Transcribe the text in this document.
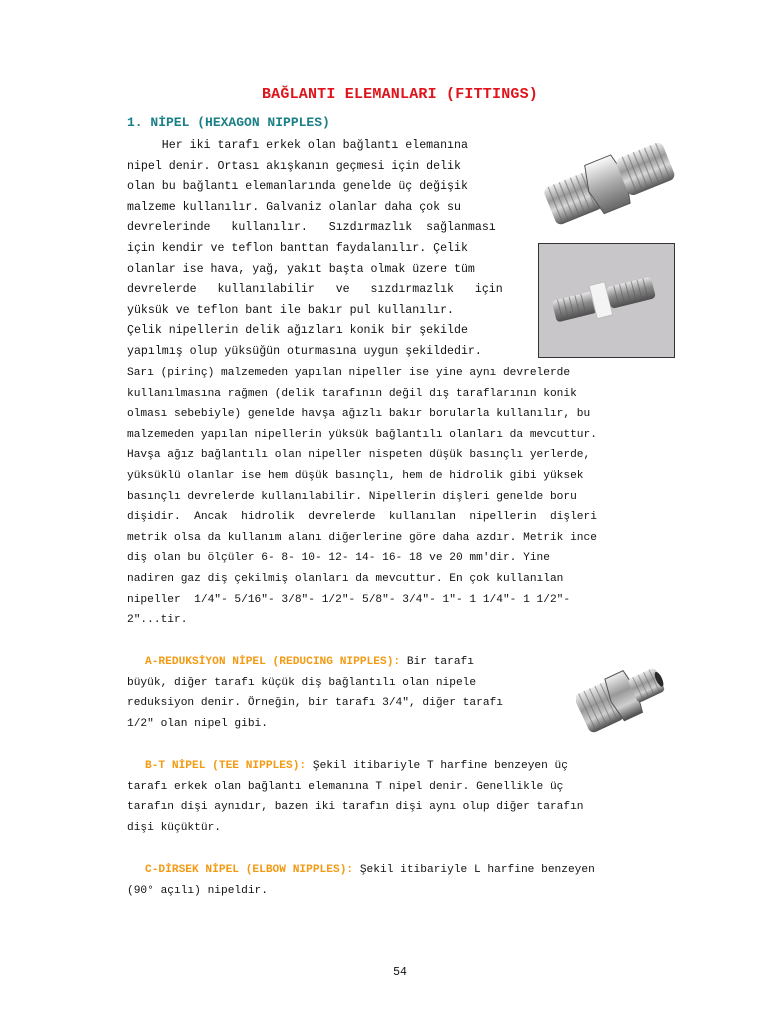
BAĞLANTI ELEMANLARI (FITTINGS)
1. NİPEL (HEXAGON NIPPLES)
Her iki tarafı erkek olan bağlantı elemanına
nipel denir. Ortası akışkanın geçmesi için delik
olan bu bağlantı elemanlarında genelde üç değişik
malzeme kullanılır. Galvaniz olanlar daha çok su
devrelerinde   kullanılır.   Sızdırmazlık  sağlanması
için kendir ve teflon banttan faydalanılır. Çelik
olanlar ise hava, yağ, yakıt başta olmak üzere tüm
devrelerde   kullanılabilir   ve   sızdırmazlık   için
yüksük ve teflon bant ile bakır pul kullanılır.
Çelik nipellerin delik ağızları konik bir şekilde
yapılmış olup yüksüğün oturmasına uygun şekildedir.
Sarı (pirinç) malzemeden yapılan nipeller ise yine aynı devrelerde
kullanılmasına rağmen (delik tarafının değil dış taraflarının konik
olması sebebiyle) genelde havşa ağızlı bakır borularla kullanılır, bu
malzemeden yapılan nipellerin yüksük bağlantılı olanları da mevcuttur.
Havşa ağız bağlantılı olan nipeller nispeten düşük basınçlı yerlerde,
yüksüklü olanlar ise hem düşük basınçlı, hem de hidrolik gibi yüksek
basınçlı devrelerde kullanılabilir. Nipellerin dişleri genelde boru
dişidir.  Ancak  hidrolik  devrelerde  kullanılan  nipellerin  dişleri
metrik olsa da kullanım alanı diğerlerine göre daha azdır. Metrik ince
diş olan bu ölçüler 6- 8- 10- 12- 14- 16- 18 ve 20 mm'dir. Yine
nadiren gaz diş çekilmiş olanları da mevcuttur. En çok kullanılan
nipeller  1/4"- 5/16"- 3/8"- 1/2"- 5/8"- 3/4"- 1"- 1 1/4"- 1 1/2"-
2"...tir.
A-REDUKSİYON NİPEL (REDUCING NIPPLES): Bir tarafı
büyük, diğer tarafı küçük diş bağlantılı olan nipele
reduksiyon denir. Örneğin, bir tarafı 3/4", diğer tarafı
1/2" olan nipel gibi.
B-T NİPEL (TEE NIPPLES): Şekil itibariyle T harfine benzeyen üç
tarafı erkek olan bağlantı elemanına T nipel denir. Genellikle üç
tarafın dişi aynıdır, bazen iki tarafın dişi aynı olup diğer tarafın
dişi küçüktür.
C-DİRSEK NİPEL (ELBOW NIPPLES): Şekil itibariyle L harfine benzeyen
(90° açılı) nipeldir.
54
